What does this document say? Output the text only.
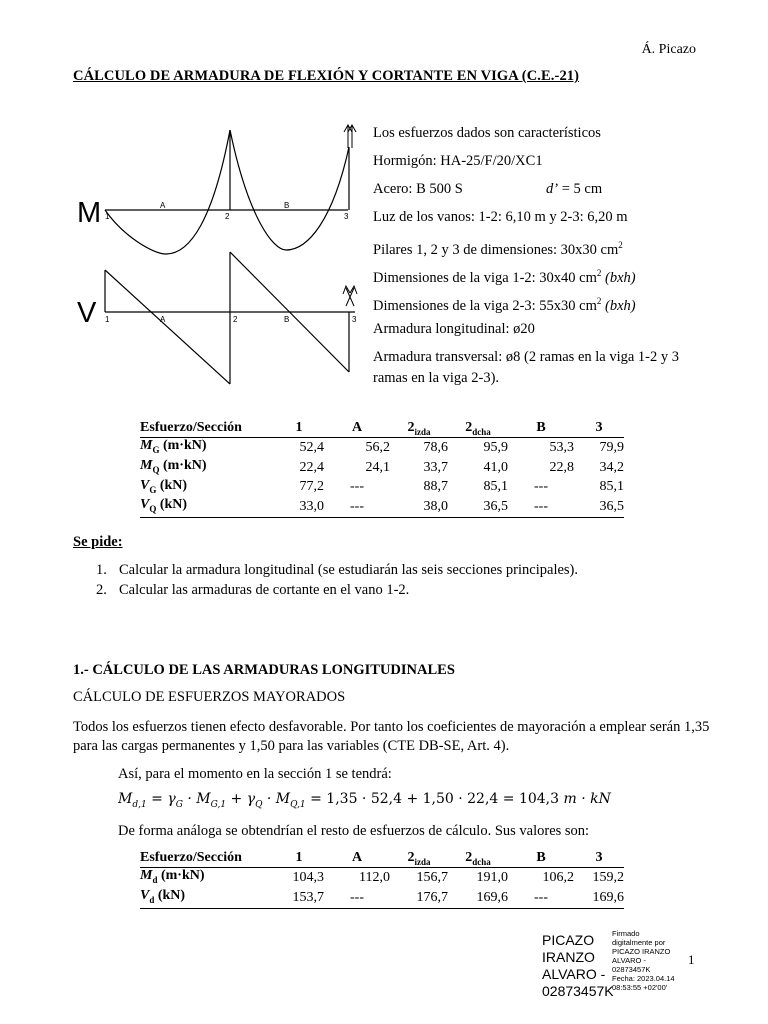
Á. Picazo
CÁLCULO DE ARMADURA DE FLEXIÓN Y CORTANTE EN VIGA (C.E.-21)
M 1
A
2
B
3
V 1	A	2	B	3
Los esfuerzos dados son característicos
Hormigón: HA-25/F/20/XC1
Acero: B 500 S	d’ = 5 cm
Luz de los vanos: 1-2: 6,10 m y 2-3: 6,20 m
Pilares 1, 2 y 3 de dimensiones: 30x30 $cm^2$
Dimensiones de la viga 1-2: 30x40 $cm^2$ (bxh)
Dimensiones de la viga 2-3: 55x30 $cm^2$ (bxh)
Armadura longitudinal: ø20
Armadura transversal: ø8 (2 ramas en la viga 1-2 y 3 ramas en la viga 2-3).
Esfuerzo/Sección	1	A	$2_{izda}$	$2_{dcha}$	B	3
$M_G$ (m·kN)	52,4	56,2	78,6	95,9	53,3	79,9
$M_Q$ (m·kN)	22,4	24,1	33,7	41,0	22,8	34,2
$V_G$ (kN)	77,2	---	88,7	85,1	---	85,1
$V_Q$ (kN)	33,0	---	38,0	36,5	---	36,5
Se pide:
1. Calcular la armadura longitudinal (se estudiarán las seis secciones principales).
2. Calcular las armaduras de cortante en el vano 1-2.
1.- CÁLCULO DE LAS ARMADURAS LONGITUDINALES
CÁLCULO DE ESFUERZOS MAYORADOS
Todos los esfuerzos tienen efecto desfavorable. Por tanto los coeficientes de mayoración a emplear serán 1,35 para las cargas permanentes y 1,50 para las variables (CTE DB-SE, Art. 4).
Así, para el momento en la sección 1 se tendrá:
$M_{d,1} = \gamma_G \cdot M_{G,1} + \gamma_Q \cdot M_{Q,1} = 1,35 \cdot 52,4 + 1,50 \cdot 22,4 = 104,3$ m · kN
De forma análoga se obtendrían el resto de esfuerzos de cálculo. Sus valores son:
Esfuerzo/Sección	1	A	$2_{izda}$	$2_{dcha}$	B	3
$M_d$ (m·kN)	104,3	112,0	156,7	191,0	106,2	159,2
$V_d$ (kN)	153,7	---	176,7	169,6	---	169,6
PICAZO
IRANZO
ALVARO -
02873457K
Firmado
digitalmente por
PICAZO IRANZO
ALVARO -
02873457K
Fecha: 2023.04.14
08:53:55 +02'00'
1
